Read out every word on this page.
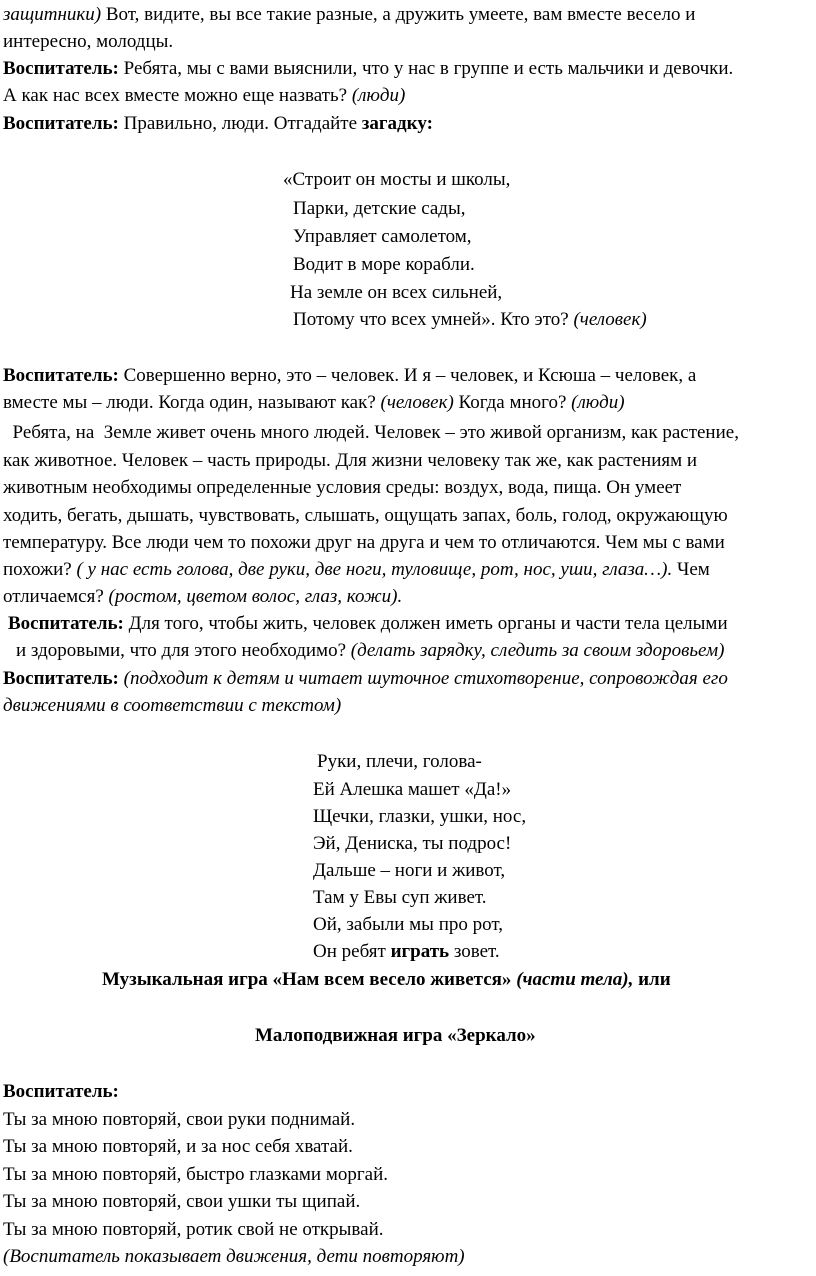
защитники) Вот, видите, вы все такие разные, а дружить умеете, вам вместе весело и
интересно, молодцы.
Воспитатель: Ребята, мы с вами выяснили, что у нас в группе и есть мальчики и девочки.
А как нас всех вместе можно еще назвать? (люди)
Воспитатель: Правильно, люди. Отгадайте загадку:
«Строит он мосты и школы,
Парки, детские сады,
Управляет самолетом,
Водит в море корабли.
На земле он всех сильней,
Потому что всех умней». Кто это? (человек)
Воспитатель: Совершенно верно, это – человек. И я – человек, и Ксюша – человек, а
вместе мы – люди. Когда один, называют как? (человек) Когда много? (люди)
Ребята, на  Земле живет очень много людей. Человек – это живой организм, как растение,
как животное. Человек – часть природы. Для жизни человеку так же, как растениям и
животным необходимы определенные условия среды: воздух, вода, пища. Он умеет
ходить, бегать, дышать, чувствовать, слышать, ощущать запах, боль, голод, окружающую
температуру. Все люди чем то похожи друг на друга и чем то отличаются. Чем мы с вами
похожи? ( у нас есть голова, две руки, две ноги, туловище, рот, нос, уши, глаза…). Чем
отличаемся? (ростом, цветом волос, глаз, кожи).
Воспитатель: Для того, чтобы жить, человек должен иметь органы и части тела целыми
и здоровыми, что для этого необходимо? (делать зарядку, следить за своим здоровьем)
Воспитатель: (подходит к детям и читает шуточное стихотворение, сопровождая его
движениями в соответствии с текстом)
Руки, плечи, голова-
Ей Алешка машет «Да!»
Щечки, глазки, ушки, нос,
Эй, Дениска, ты подрос!
Дальше – ноги и живот,
Там у Евы суп живет.
Ой, забыли мы про рот,
Он ребят играть зовет.
Музыкальная игра «Нам всем весело живется» (части тела), или
Малоподвижная игра «Зеркало»
Воспитатель:
Ты за мною повторяй, свои руки поднимай.
Ты за мною повторяй, и за нос себя хватай.
Ты за мною повторяй, быстро глазками моргай.
Ты за мною повторяй, свои ушки ты щипай.
Ты за мною повторяй, ротик свой не открывай.
(Воспитатель показывает движения, дети повторяют)
